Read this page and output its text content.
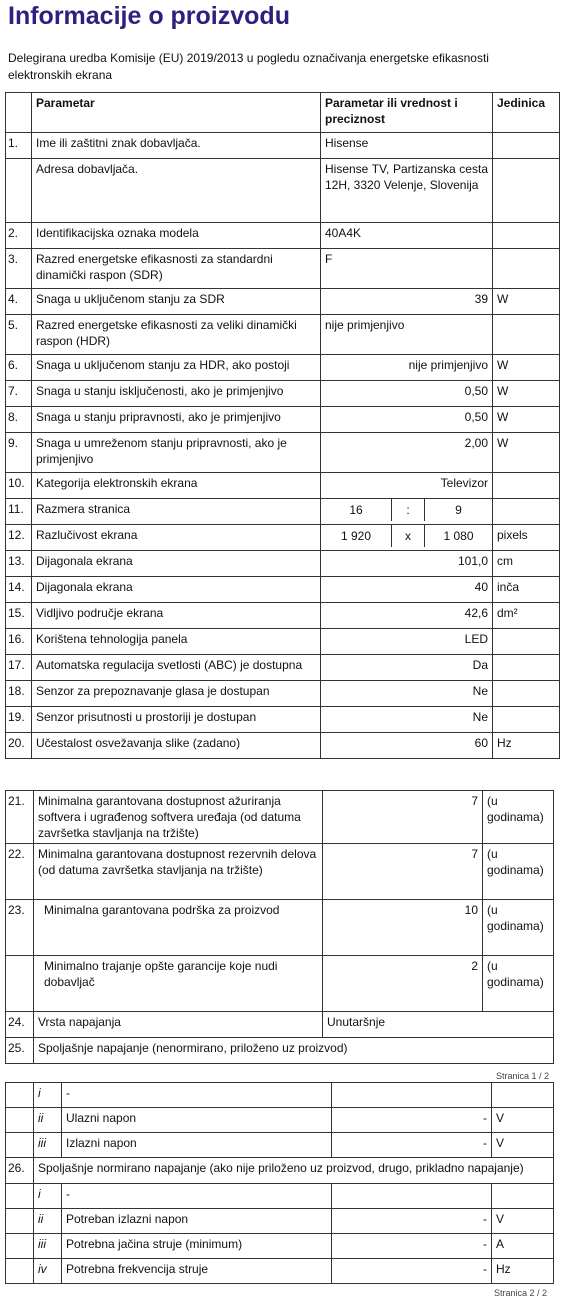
Informacije o proizvodu
Delegirana uredba Komisije (EU) 2019/2013 u pogledu označivanja energetske efikasnosti elektronskih ekrana
	Parametar	Parametar ili vrednost i preciznost	Jedinica
1.	Ime ili zaštitni znak dobavljača.	Hisense	
	Adresa dobavljača.	Hisense TV, Partizanska cesta 12H, 3320 Velenje, Slovenija	
2.	Identifikacijska oznaka modela	40A4K	
3.	Razred energetske efikasnosti za standardni dinamički raspon (SDR)	F	
4.	Snaga u uključenom stanju za SDR	39	W
5.	Razred energetske efikasnosti za veliki dinamički raspon (HDR)	nije primjenjivo	
6.	Snaga u uključenom stanju za HDR, ako postoji	nije primjenjivo	W
7.	Snaga u stanju isključenosti, ako je primjenjivo	0,50	W
8.	Snaga u stanju pripravnosti, ako je primjenjivo	0,50	W
9.	Snaga u umreženom stanju pripravnosti, ako je primjenjivo	2,00	W
10.	Kategorija elektronskih ekrana	Televizor	
11.	Razmera stranica	16 : 9	

12.	Razlučivost ekrana	1 920 x 1 080	pixels
13.	Dijagonala ekrana	101,0	cm
14.	Dijagonala ekrana	40	inča
15.	Vidljivo područje ekrana	42,6	dm²
16.	Korištena tehnologija panela	LED	
17.	Automatska regulacija svetlosti (ABC) je dostupna	Da	
18.	Senzor za prepoznavanje glasa je dostupan	Ne	
19.	Senzor prisutnosti u prostoriji je dostupan	Ne	
20.	Učestalost osvežavanja slike (zadano)	60	Hz
21.	Minimalna garantovana dostupnost ažuriranja softvera i ugrađenog softvera uređaja (od datuma završetka stavljanja na tržište)	7	(u godinama)
22.	Minimalna garantovana dostupnost rezervnih delova (od datuma završetka stavljanja na tržište)	7	(u godinama)
23.	Minimalna garantovana podrška za proizvod	10	(u godinama)
	Minimalno trajanje opšte garancije koje nudi dobavljač	2	(u godinama)
24.	Vrsta napajanja	Unutaršnje	
25.	Spoljašnje napajanje (nenormirano, priloženo uz proizvod)		
Stranica 1 / 2
	i	-		
	ii	Ulazni napon	-	V
	iii	Izlazni napon	-	V
26.	Spoljašnje normirano napajanje (ako nije priloženo uz proizvod, drugo, prikladno napajanje)			
	i	-		
	ii	Potreban izlazni napon	-	V
	iii	Potrebna jačina struje (minimum)	-	A
	iv	Potrebna frekvencija struje	-	Hz
Stranica 2 / 2
